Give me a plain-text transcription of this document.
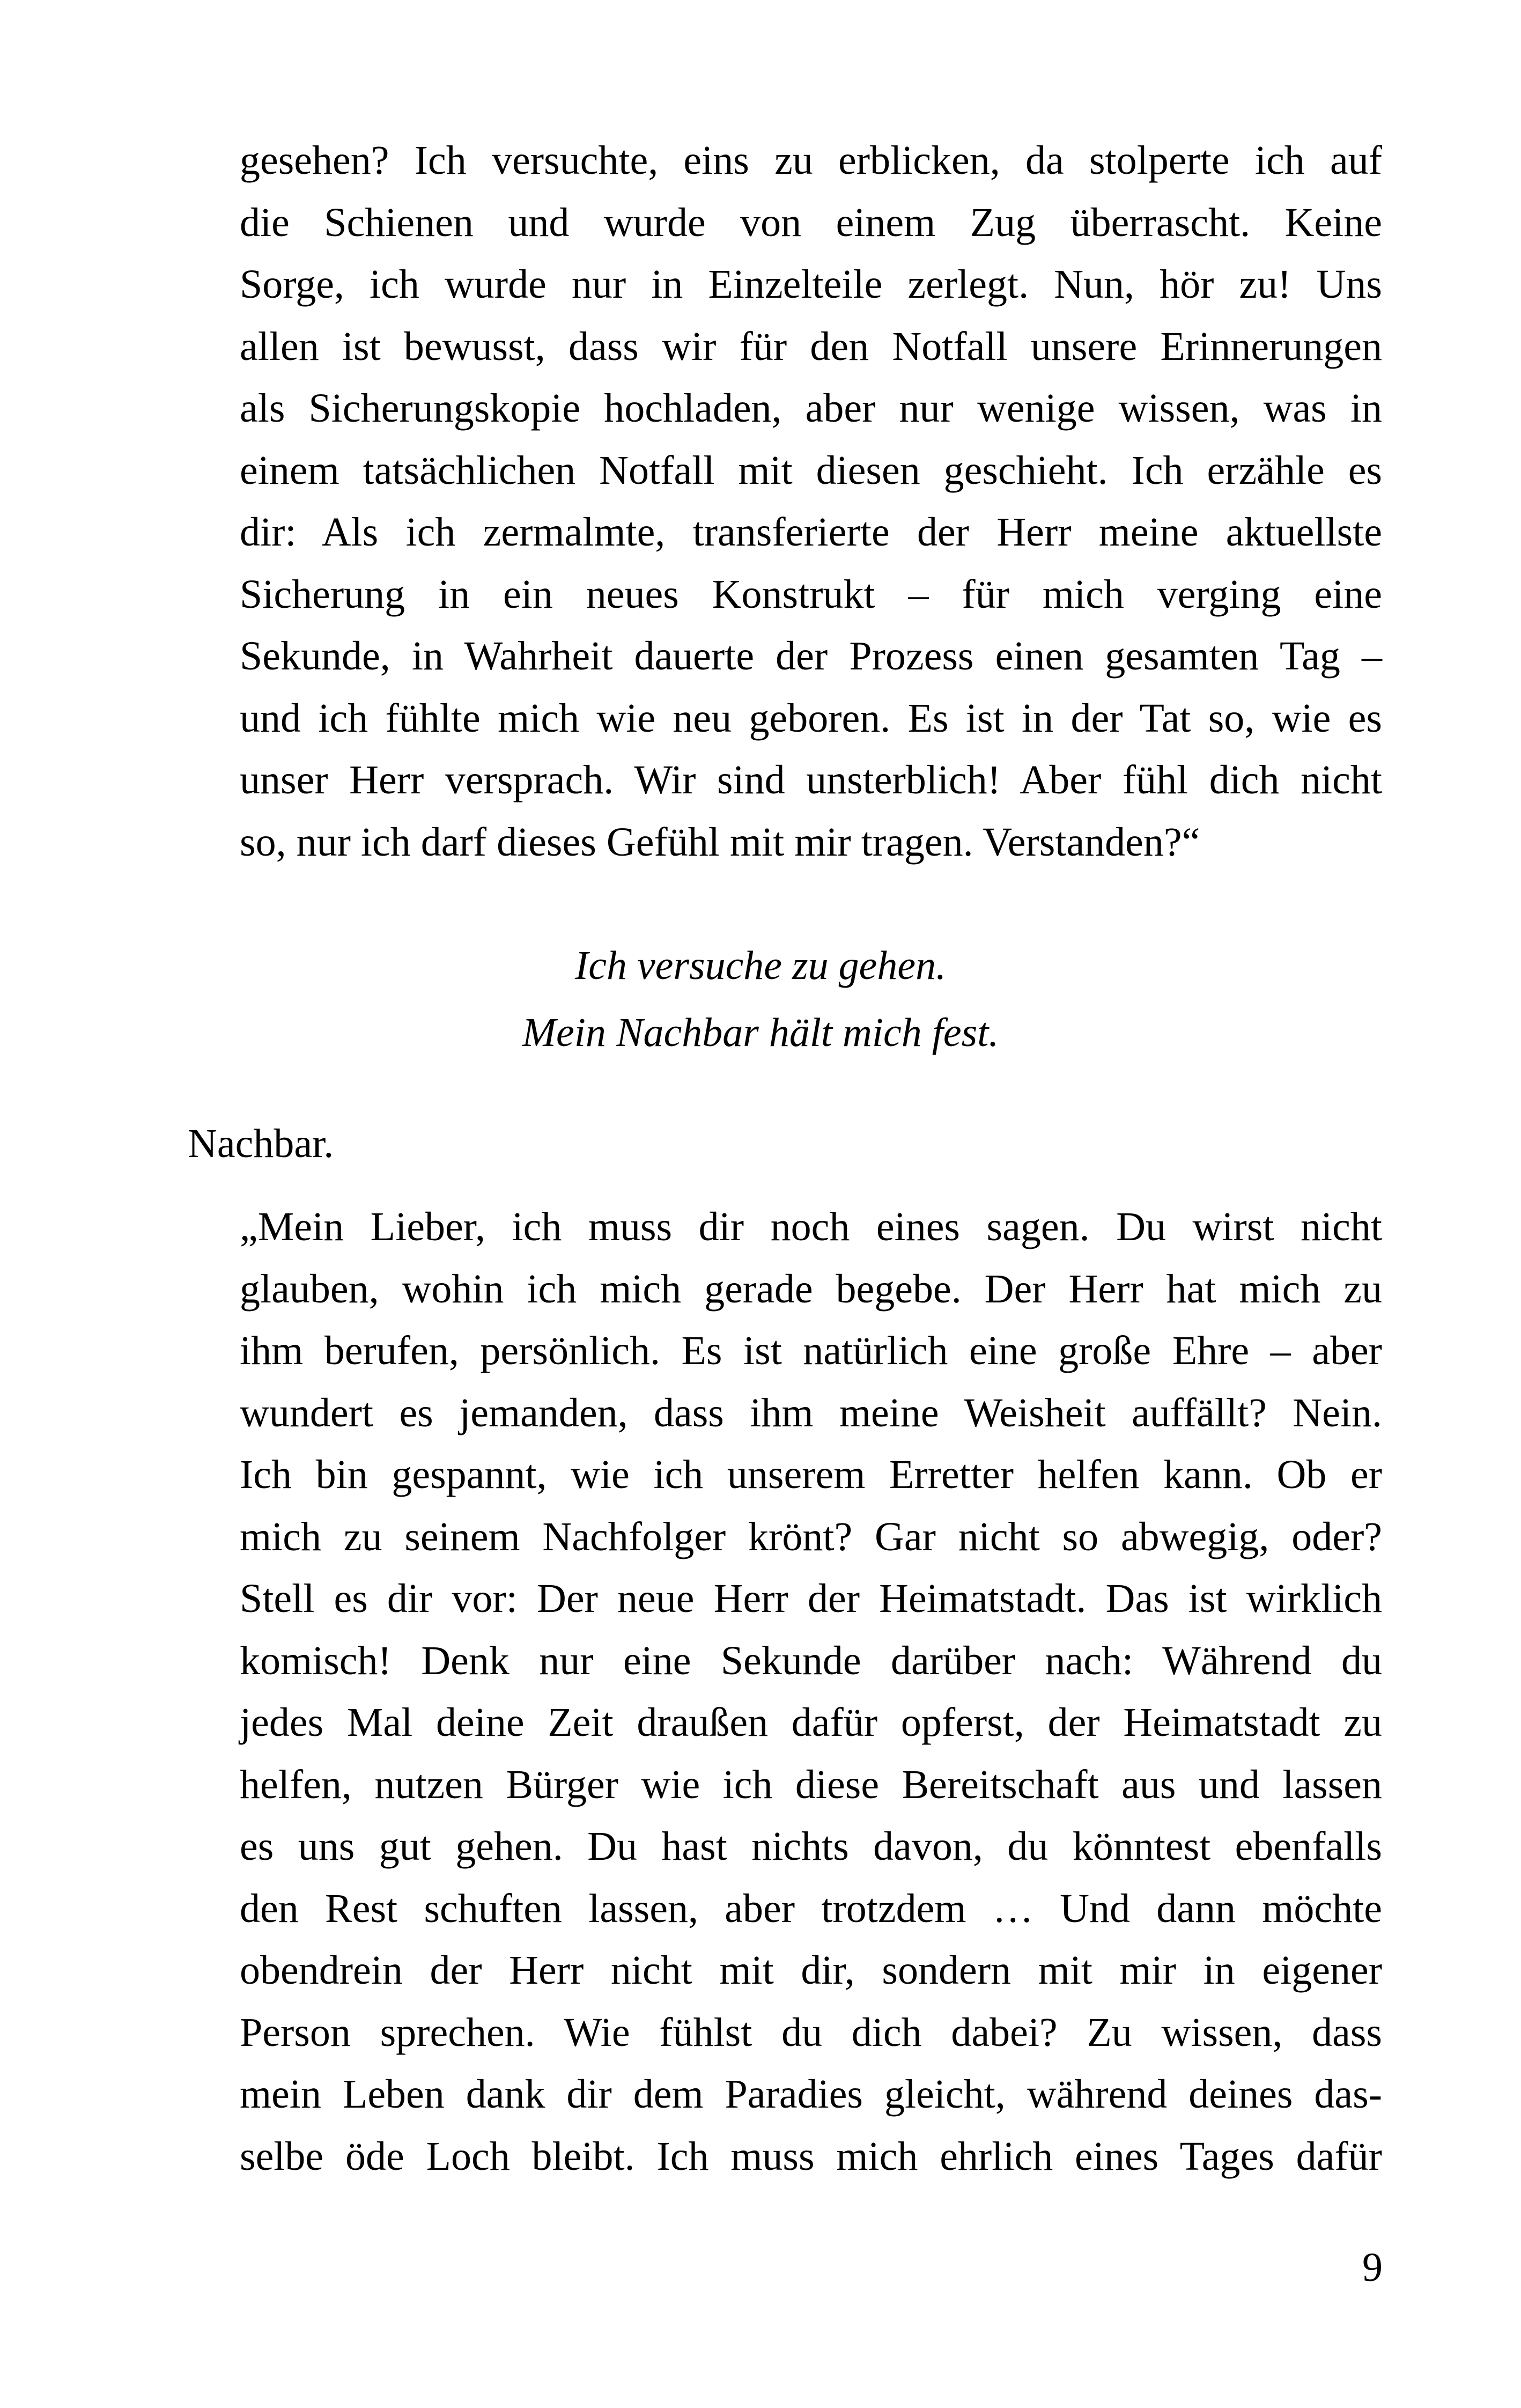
gesehen? Ich versuchte, eins zu erblicken, da stolperte ich auf
die Schienen und wurde von einem Zug überrascht. Keine
Sorge, ich wurde nur in Einzelteile zerlegt. Nun, hör zu! Uns
allen ist bewusst, dass wir für den Notfall unsere Erinnerungen
als Sicherungskopie hochladen, aber nur wenige wissen, was in
einem tatsächlichen Notfall mit diesen geschieht. Ich erzähle es
dir: Als ich zermalmte, transferierte der Herr meine aktuellste
Sicherung in ein neues Konstrukt – für mich verging eine
Sekunde, in Wahrheit dauerte der Prozess einen gesamten Tag –
und ich fühlte mich wie neu geboren. Es ist in der Tat so, wie es
unser Herr versprach. Wir sind unsterblich! Aber fühl dich nicht
so, nur ich darf dieses Gefühl mit mir tragen. Verstanden?“
Ich versuche zu gehen.
Mein Nachbar hält mich fest.
Nachbar.
„Mein Lieber, ich muss dir noch eines sagen. Du wirst nicht
glauben, wohin ich mich gerade begebe. Der Herr hat mich zu
ihm berufen, persönlich. Es ist natürlich eine große Ehre – aber
wundert es jemanden, dass ihm meine Weisheit auffällt? Nein.
Ich bin gespannt, wie ich unserem Erretter helfen kann. Ob er
mich zu seinem Nachfolger krönt? Gar nicht so abwegig, oder?
Stell es dir vor: Der neue Herr der Heimatstadt. Das ist wirklich
komisch! Denk nur eine Sekunde darüber nach: Während du
jedes Mal deine Zeit draußen dafür opferst, der Heimatstadt zu
helfen, nutzen Bürger wie ich diese Bereitschaft aus und lassen
es uns gut gehen. Du hast nichts davon, du könntest ebenfalls
den Rest schuften lassen, aber trotzdem … Und dann möchte
obendrein der Herr nicht mit dir, sondern mit mir in eigener
Person sprechen. Wie fühlst du dich dabei? Zu wissen, dass
mein Leben dank dir dem Paradies gleicht, während deines das-
selbe öde Loch bleibt. Ich muss mich ehrlich eines Tages dafür
9
